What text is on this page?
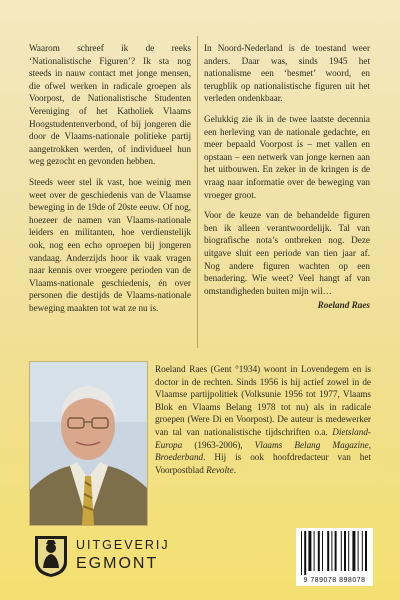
Waarom schreef ik de reeks ‘Nationalistische Figuren’? Ik sta nog steeds in nauw contact met jonge mensen, die ofwel werken in radicale groepen als Voorpost, de Nationalistische Studenten Vereniging of het Katholiek Vlaams Hoogstudentenverbond, of bij jongeren die door de Vlaams-nationale politieke partij aangetrokken werden, of individueel hun weg gezocht en gevonden hebben.

Steeds weer stel ik vast, hoe weinig men weet over de geschiedenis van de Vlaamse beweging in de 19de of 20ste eeuw. Of nog, hoezeer de namen van Vlaams-nationale leiders en militanten, hoe verdienstelijk ook, nog een echo oproepen bij jongeren vandaag. Anderzijds hoor ik vaak vragen naar kennis over vroegere perioden van de Vlaams-nationale geschiedenis, én over personen die destijds de Vlaams-nationale beweging maakten tot wat ze nu is.

In Noord-Nederland is de toestand weer anders. Daar was, sinds 1945 het nationalisme een ‘besmet’ woord, en terugblik op nationalistische figuren uit het verleden ondenkbaar.

Gelukkig zie ik in de twee laatste decennia een herleving van de nationale gedachte, en meer bepaald Voorpost is – met vallen en opstaan – een netwerk van jonge kernen aan het uitbouwen. En zeker in de kringen is de vraag naar informatie over de beweging van vroeger groot.

Voor de keuze van de behandelde figuren ben ik alleen verantwoordelijk. Tal van biografische nota’s ontbreken nog. Deze uitgave sluit een periode van tien jaar af. Nog andere figuren wachten op een benadering. Wie weet? Veel hangt af van omstandigheden buiten mijn wil…

Roeland Raes

Roeland Raes (Gent °1934) woont in Lovendegem en is doctor in de rechten. Sinds 1956 is hij actief zowel in de Vlaamse partijpolitiek (Volksunie 1956 tot 1977, Vlaams Blok en Vlaams Belang 1978 tot nu) als in radicale groepen (Were Di en Voorpost). De auteur is medewerker van tal van nationalistische tijdschriften o.a. Dietsland-Europa (1963-2006), Vlaams Belang Magazine, Broederband. Hij is ook hoofdredacteur van het Voorpostblad Revolte.

UITGEVERIJ
EGMONT
9 789078 898078
